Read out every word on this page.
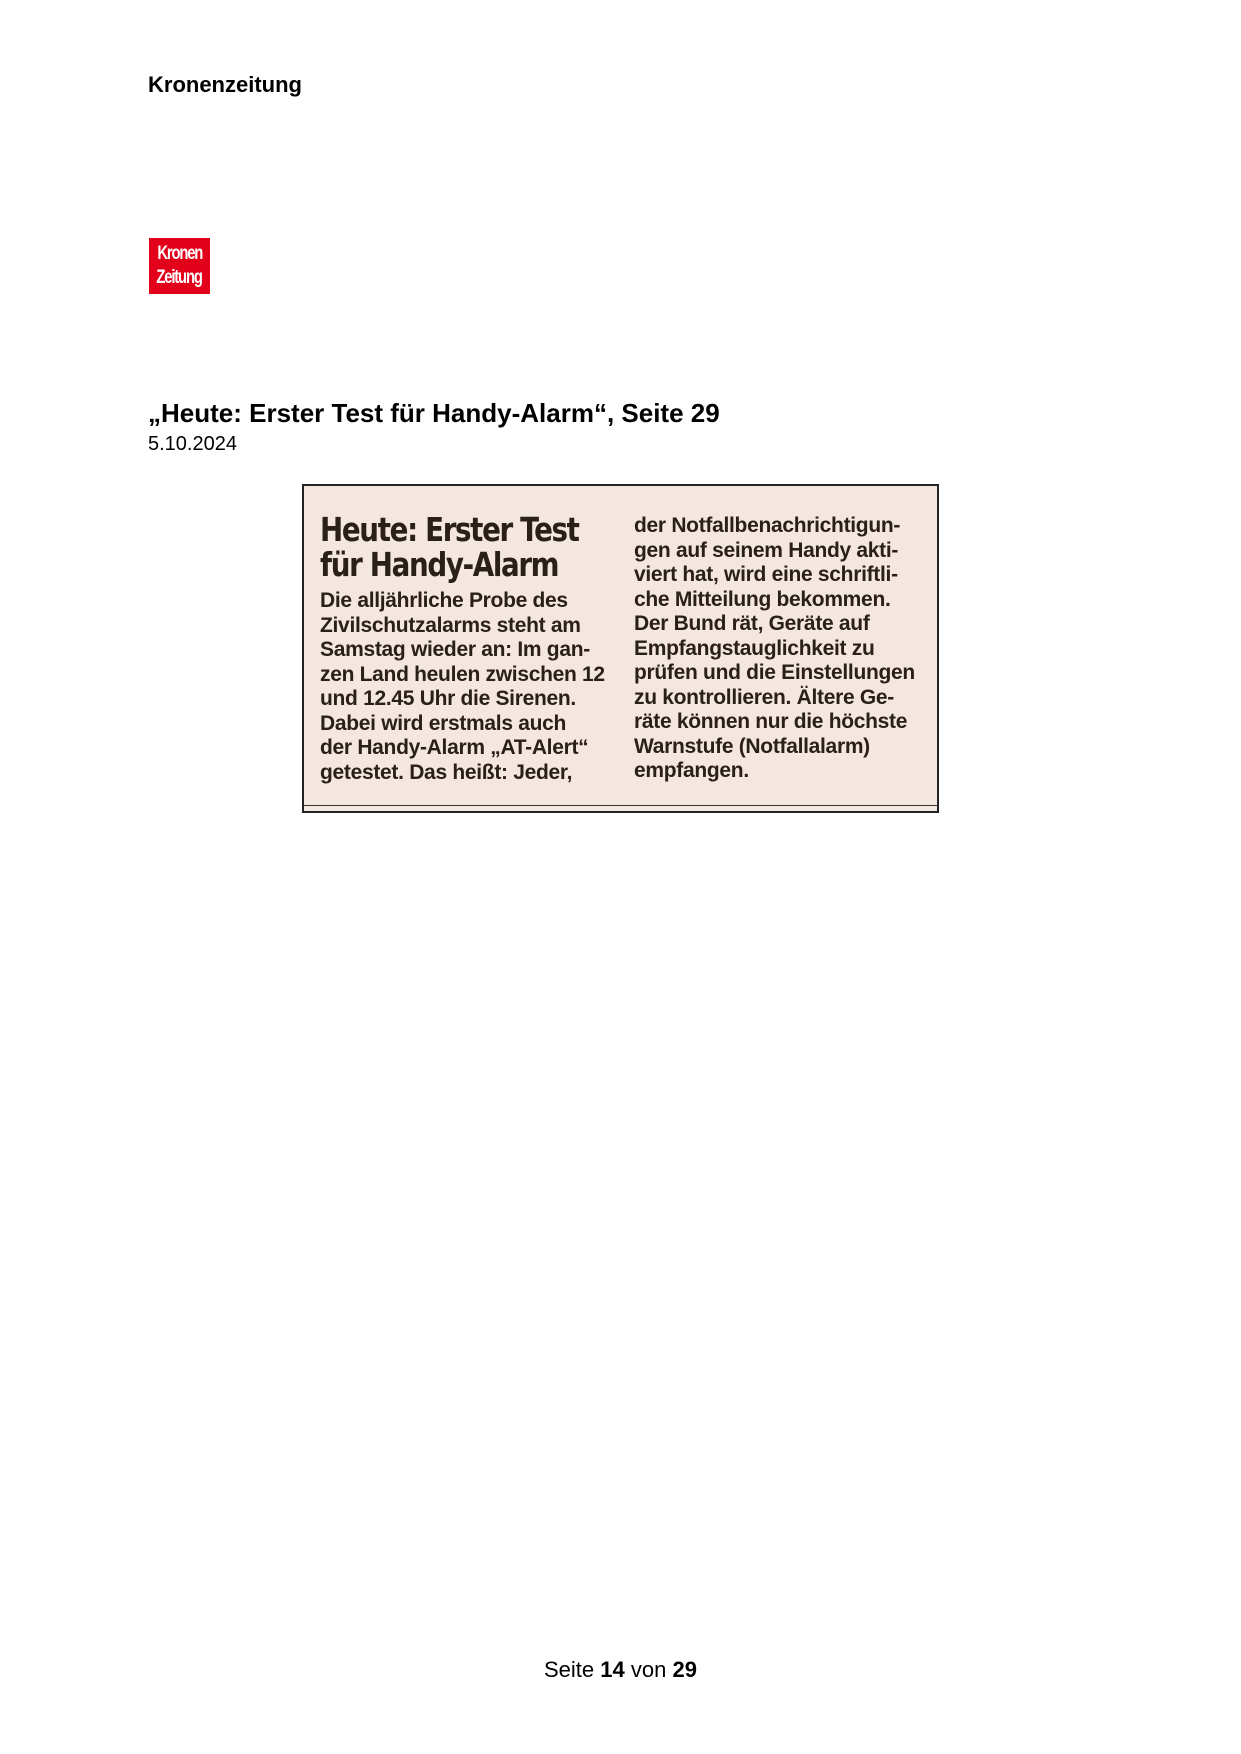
Kronenzeitung
Kronen
Zeitung
„Heute: Erster Test für Handy-Alarm“, Seite 29
5.10.2024
Heute: Erster Test
für Handy-Alarm
Die alljährliche Probe des
Zivilschutzalarms steht am
Samstag wieder an: Im gan-
zen Land heulen zwischen 12
und 12.45 Uhr die Sirenen.
Dabei wird erstmals auch
der Handy-Alarm „AT-Alert“
getestet. Das heißt: Jeder,
der Notfallbenachrichtigun-
gen auf seinem Handy akti-
viert hat, wird eine schriftli-
che Mitteilung bekommen.
Der Bund rät, Geräte auf
Empfangstauglichkeit zu
prüfen und die Einstellungen
zu kontrollieren. Ältere Ge-
räte können nur die höchste
Warnstufe (Notfallalarm)
empfangen.
Seite 14 von 29
